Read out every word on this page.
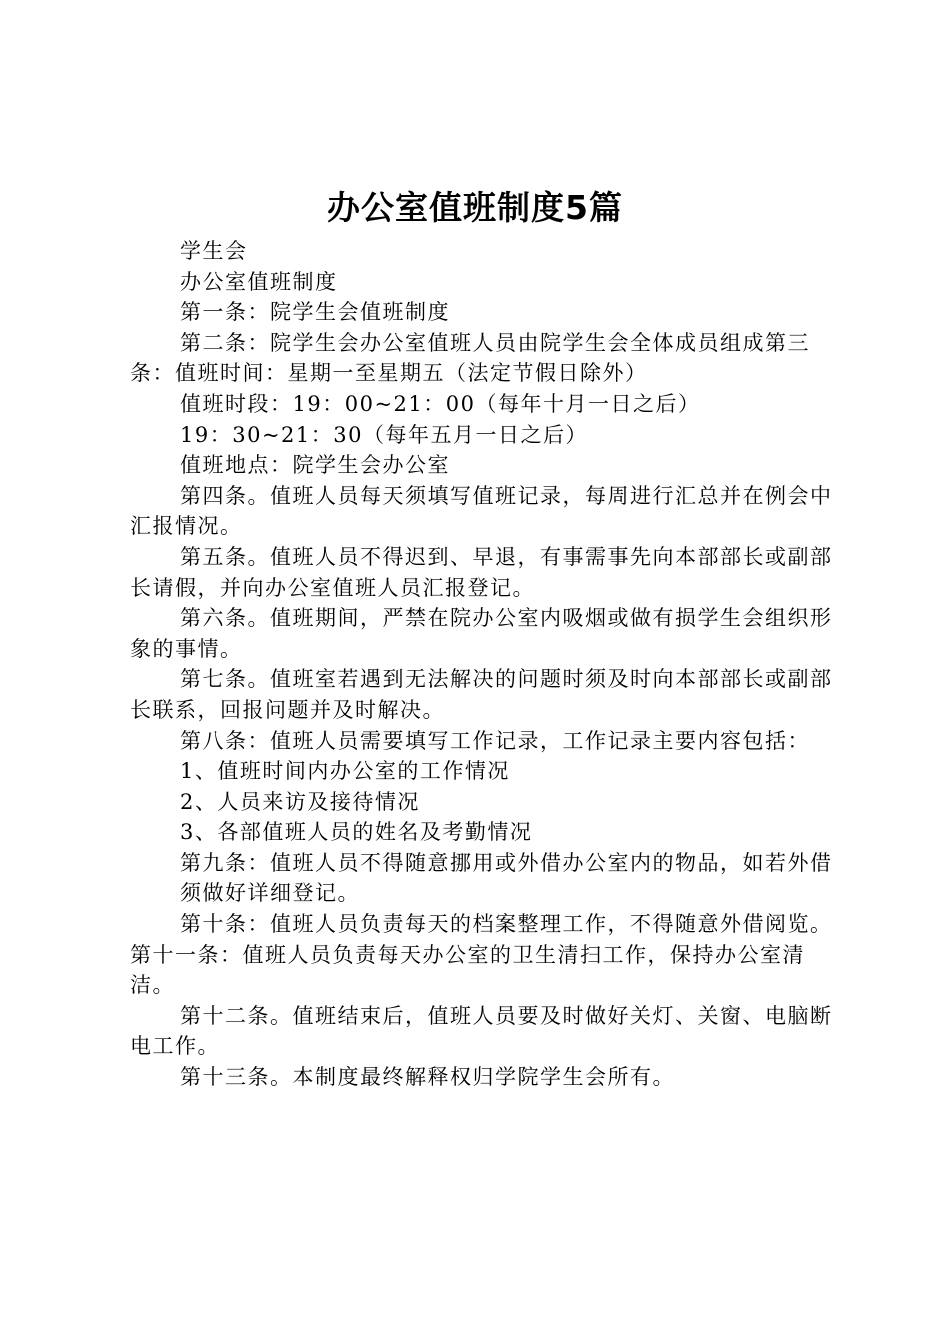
办公室值班制度5篇

学生会

办公室值班制度

第一条：院学生会值班制度

第二条：院学生会办公室值班人员由院学生会全体成员组成第三条：值班时间：星期一至星期五（法定节假日除外）

值班时段：19：00~21：00（每年十月一日之后）

19：30~21：30（每年五月一日之后）

值班地点：院学生会办公室

第四条。值班人员每天须填写值班记录，每周进行汇总并在例会中汇报情况。

第五条。值班人员不得迟到、早退，有事需事先向本部部长或副部长请假，并向办公室值班人员汇报登记。

第六条。值班期间，严禁在院办公室内吸烟或做有损学生会组织形象的事情。

第七条。值班室若遇到无法解决的问题时须及时向本部部长或副部长联系，回报问题并及时解决。

第八条：值班人员需要填写工作记录，工作记录主要内容包括：

1、值班时间内办公室的工作情况

2、人员来访及接待情况

3、各部值班人员的姓名及考勤情况

第九条：值班人员不得随意挪用或外借办公室内的物品，如若外借

须做好详细登记。

第十条：值班人员负责每天的档案整理工作，不得随意外借阅览。第十一条：值班人员负责每天办公室的卫生清扫工作，保持办公室清洁。

第十二条。值班结束后，值班人员要及时做好关灯、关窗、电脑断电工作。

第十三条。本制度最终解释权归学院学生会所有。
